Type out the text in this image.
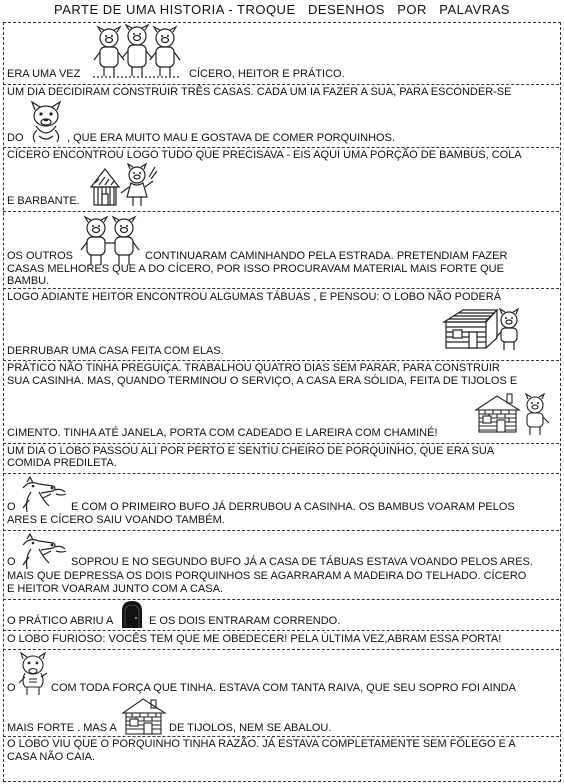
PARTE DE UMA HISTORIA - TROQUE   DESENHOS   POR   PALAVRAS
ERA UMA VEZ	CÍCERO, HEITOR E PRÁTICO.
UM DIA DECIDIRAM CONSTRUIR TRÊS CASAS. CADA UM IA FAZER A SUA, PARA ESCONDER-SE
DO	, QUE ERA MUITO MAU E GOSTAVA DE COMER PORQUINHOS.
CÍCERO ENCONTROU LOGO TUDO QUE PRECISAVA - EIS AQUI UMA PORÇÃO DE BAMBUS, COLA
E BARBANTE.
OS OUTROS	CONTINUARAM CAMINHANDO PELA ESTRADA. PRETENDIAM FAZER
CASAS MELHORES QUE A DO CÍCERO, POR ISSO PROCURAVAM MATERIAL MAIS FORTE QUE
BAMBU.
LOGO ADIANTE HEITOR ENCONTROU ALGUMAS TÁBUAS , E PENSOU: O LOBO NÃO PODERÁ
DERRUBAR UMA CASA FEITA COM ELAS.
PRÁTICO NÃO TINHA PREGUIÇA. TRABALHOU QUATRO DIAS SEM PARAR, PARA CONSTRUIR
SUA CASINHA. MAS, QUANDO TERMINOU O SERVIÇO, A CASA ERA SÓLIDA, FEITA DE TIJOLOS E
CIMENTO. TINHA ATÉ JANELA, PORTA COM CADEADO E LAREIRA COM CHAMINÉ!
UM DIA O LOBO PASSOU ALI POR PERTO E SENTIU CHEIRO DE PORQUINHO, QUE ERA SUA
COMIDA PREDILETA.
O	E COM O PRIMEIRO BUFO JÁ DERRUBOU A CASINHA. OS BAMBUS VOARAM PELOS
ARES E CÍCERO SAIU VOANDO TAMBÉM.
O	SOPROU E NO SEGUNDO BUFO JÁ A CASA DE TÁBUAS ESTAVA VOANDO PELOS ARES.
MAIS QUE DEPRESSA OS DOIS PORQUINHOS SE AGARRARAM A MADEIRA DO TELHADO. CÍCERO
E HEITOR VOARAM JUNTO COM A CASA.
O PRÁTICO ABRIU A	E OS DOIS ENTRARAM CORRENDO.
O LOBO FURIOSO: VOCÊS TEM QUE ME OBEDECER! PELA ÚLTIMA VEZ,ABRAM ESSA PORTA!
O	COM TODA FORÇA QUE TINHA. ESTAVA COM TANTA RAIVA, QUE SEU SOPRO FOI AINDA
MAIS FORTE . MAS A	DE TIJOLOS, NEM SE ABALOU.
O LOBO VIU QUE O PORQUINHO TINHA RAZÃO. JÁ ESTAVA COMPLETAMENTE SEM FÔLEGO E A
CASA NÃO CAIA.
